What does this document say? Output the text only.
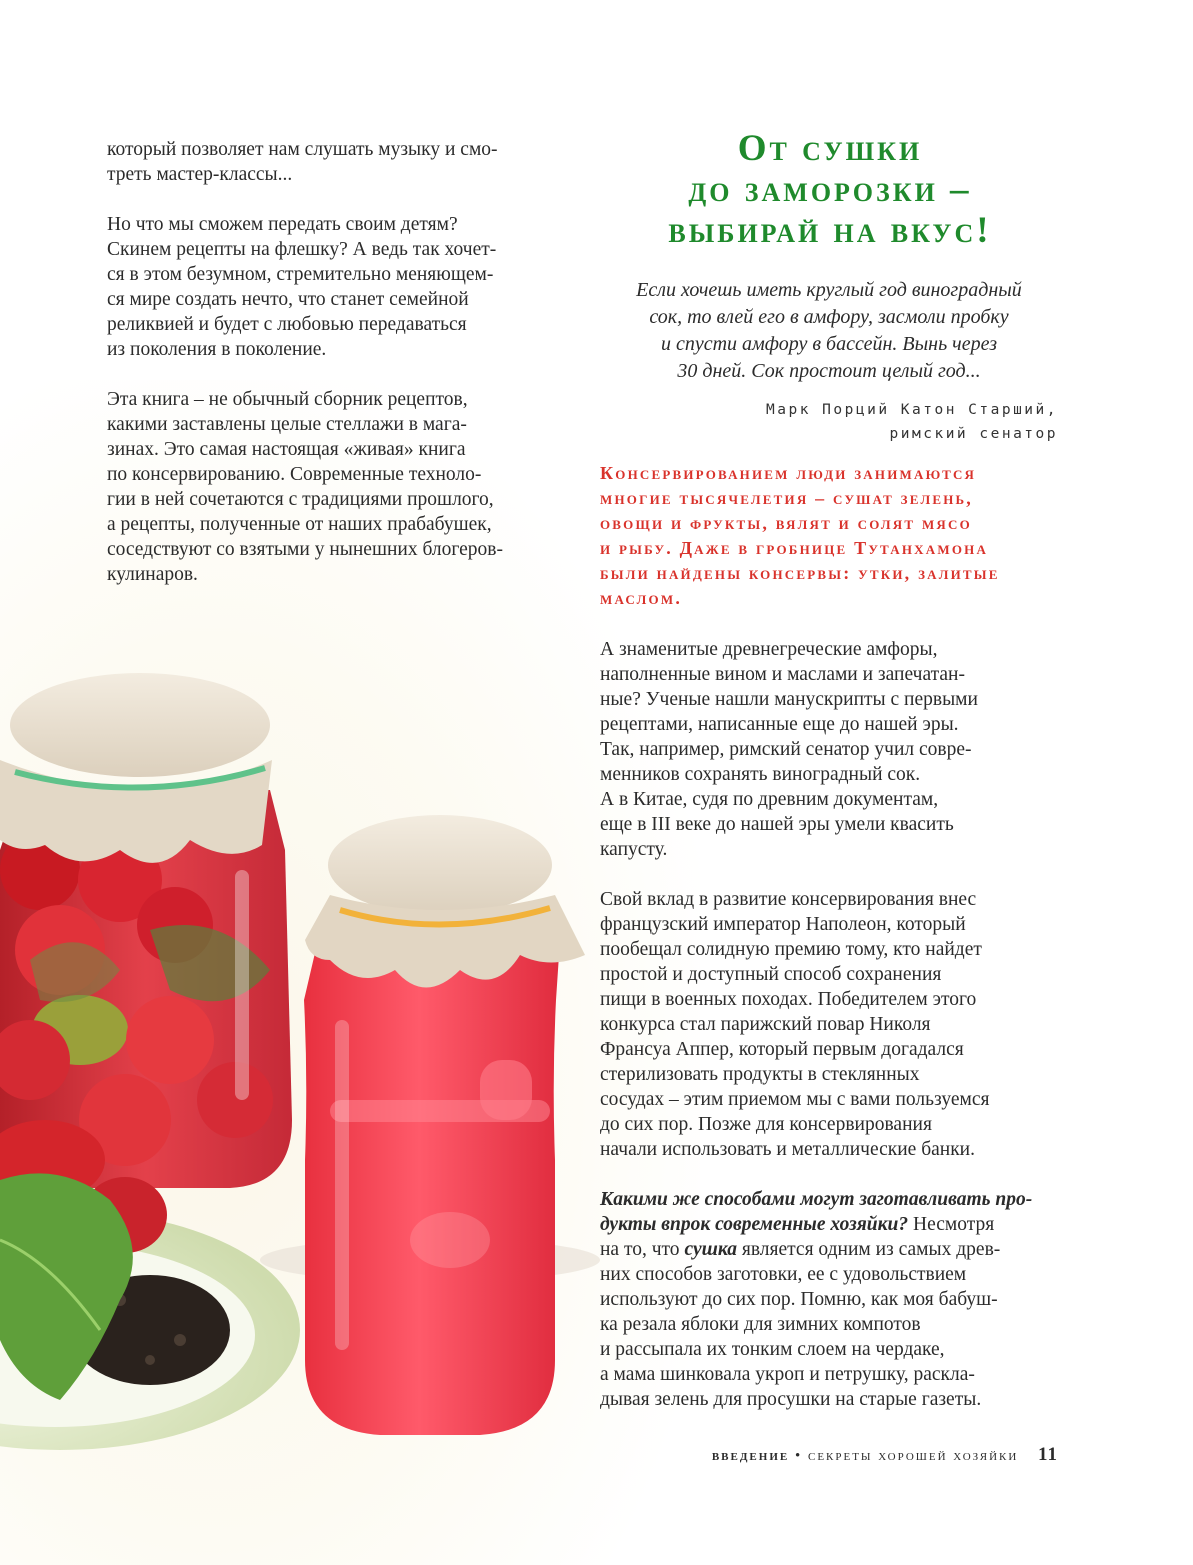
который позволяет нам слушать музыку и смо-
треть мастер-классы...

Но что мы сможем передать своим детям?
Скинем рецепты на флешку? А ведь так хочет-
ся в этом безумном, стремительно меняющем-
ся мире создать нечто, что станет семейной
реликвией и будет с любовью передаваться
из поколения в поколение.

Эта книга – не обычный сборник рецептов,
какими заставлены целые стеллажи в мага-
зинах. Это самая настоящая «живая» книга
по консервированию. Современные техноло-
гии в ней сочетаются с традициями прошлого,
а рецепты, полученные от наших прабабушек,
соседствуют со взятыми у нынешних блогеров-
кулинаров.

От сушки
до заморозки –
выбирай на вкус!

Если хочешь иметь круглый год виноградный
сок, то влей его в амфору, засмоли пробку
и спусти амфору в бассейн. Вынь через
30 дней. Сок простоит целый год...

Марк Порций Катон Старший,
римский сенатор

Консервированием люди занимаются
многие тысячелетия – сушат зелень,
овощи и фрукты, вялят и солят мясо
и рыбу. Даже в гробнице Тутанхамона
были найдены консервы: утки, залитые
маслом.

А знаменитые древнегреческие амфоры,
наполненные вином и маслами и запечатан-
ные? Ученые нашли манускрипты с первыми
рецептами, написанные еще до нашей эры.
Так, например, римский сенатор учил совре-
менников сохранять виноградный сок.
А в Китае, судя по древним документам,
еще в III веке до нашей эры умели квасить
капусту.

Свой вклад в развитие консервирования внес
французский император Наполеон, который
пообещал солидную премию тому, кто найдет
простой и доступный способ сохранения
пищи в военных походах. Победителем этого
конкурса стал парижский повар Николя
Франсуа Аппер, который первым догадался
стерилизовать продукты в стеклянных
сосудах – этим приемом мы с вами пользуемся
до сих пор. Позже для консервирования
начали использовать и металлические банки.

Какими же способами могут заготавливать про-
дукты впрок современные хозяйки? Несмотря
на то, что сушка является одним из самых древ-
них способов заготовки, ее с удовольствием
используют до сих пор. Помню, как моя бабуш-
ка резала яблоки для зимних компотов
и рассыпала их тонким слоем на чердаке,
а мама шинковала укроп и петрушку, раскла-
дывая зелень для просушки на старые газеты.

введение • секреты хорошей хозяйки 11
